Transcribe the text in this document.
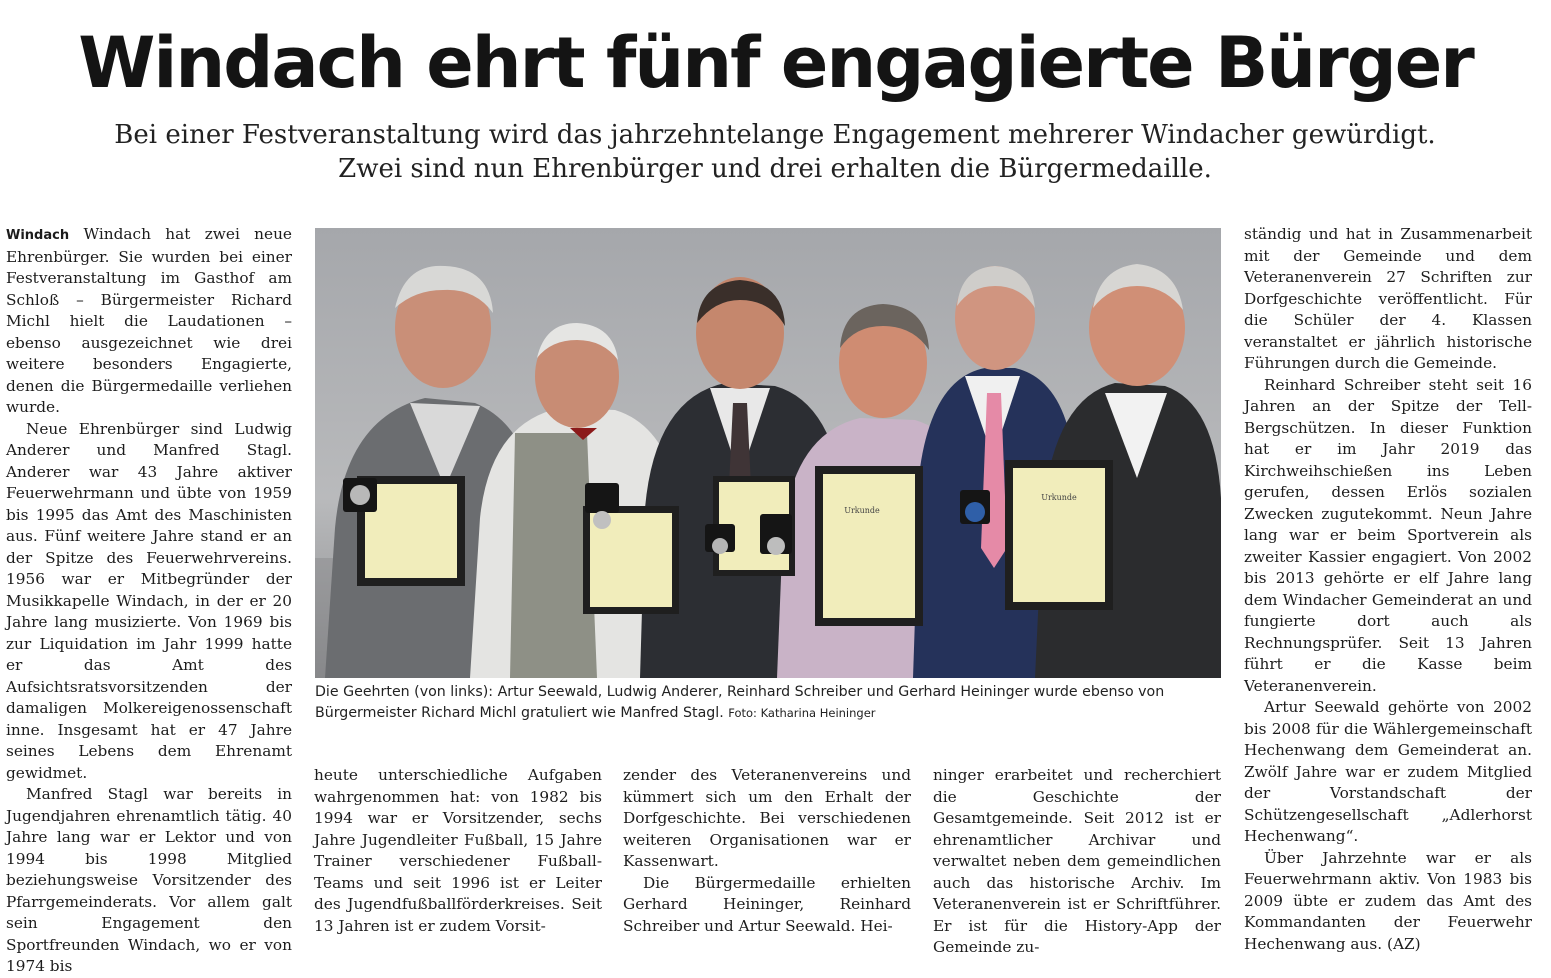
Windach ehrt fünf engagierte Bürger
Bei einer Festveranstaltung wird das jahrzehntelange Engagement mehrerer Windacher gewürdigt.
Zwei sind nun Ehrenbürger und drei erhalten die Bürgermedaille.

Windach Windach hat zwei neue Ehrenbürger. Sie wurden bei einer Festveranstaltung im Gasthof am Schloß – Bürgermeister Richard Michl hielt die Laudationen – ebenso ausgezeichnet wie drei weitere besonders Engagierte, denen die Bürgermedaille verliehen wurde.

Neue Ehrenbürger sind Ludwig Anderer und Manfred Stagl. Anderer war 43 Jahre aktiver Feuerwehrmann und übte von 1959 bis 1995 das Amt des Maschinisten aus. Fünf weitere Jahre stand er an der Spitze des Feuerwehrvereins. 1956 war er Mitbegründer der Musikkapelle Windach, in der er 20 Jahre lang musizierte. Von 1969 bis zur Liquidation im Jahr 1999 hatte er das Amt des Aufsichtsratsvorsitzenden der damaligen Molkereigenossenschaft inne. Insgesamt hat er 47 Jahre seines Lebens dem Ehrenamt gewidmet.

Manfred Stagl war bereits in Jugendjahren ehrenamtlich tätig. 40 Jahre lang war er Lektor und von 1994 bis 1998 Mitglied beziehungsweise Vorsitzender des Pfarrgemeinderats. Vor allem galt sein Engagement den Sportfreunden Windach, wo er von 1974 bis

Urkunde
Urkunde
Die Geehrten (von links): Artur Seewald, Ludwig Anderer, Reinhard Schreiber und Gerhard Heininger wurde ebenso von Bürgermeister Richard Michl gratuliert wie Manfred Stagl. Foto: Katharina Heininger

heute unterschiedliche Aufgaben wahrgenommen hat: von 1982 bis 1994 war er Vorsitzender, sechs Jahre Jugendleiter Fußball, 15 Jahre Trainer verschiedener Fußball-Teams und seit 1996 ist er Leiter des Jugendfußballförderkreises. Seit 13 Jahren ist er zudem Vorsit-

zender des Veteranenvereins und kümmert sich um den Erhalt der Dorfgeschichte. Bei verschiedenen weiteren Organisationen war er Kassenwart.

Die Bürgermedaille erhielten Gerhard Heininger, Reinhard Schreiber und Artur Seewald. Hei-

ninger erarbeitet und recherchiert die Geschichte der Gesamtgemeinde. Seit 2012 ist er ehrenamtlicher Archivar und verwaltet neben dem gemeindlichen auch das historische Archiv. Im Veteranenverein ist er Schriftführer. Er ist für die History-App der Gemeinde zu-

ständig und hat in Zusammenarbeit mit der Gemeinde und dem Veteranenverein 27 Schriften zur Dorfgeschichte veröffentlicht. Für die Schüler der 4. Klassen veranstaltet er jährlich historische Führungen durch die Gemeinde.

Reinhard Schreiber steht seit 16 Jahren an der Spitze der Tell-Bergschützen. In dieser Funktion hat er im Jahr 2019 das Kirchweihschießen ins Leben gerufen, dessen Erlös sozialen Zwecken zugutekommt. Neun Jahre lang war er beim Sportverein als zweiter Kassier engagiert. Von 2002 bis 2013 gehörte er elf Jahre lang dem Windacher Gemeinderat an und fungierte dort auch als Rechnungsprüfer. Seit 13 Jahren führt er die Kasse beim Veteranenverein.

Artur Seewald gehörte von 2002 bis 2008 für die Wählergemeinschaft Hechenwang dem Gemeinderat an. Zwölf Jahre war er zudem Mitglied der Vorstandschaft der Schützengesellschaft „Adlerhorst Hechenwang“.

Über Jahrzehnte war er als Feuerwehrmann aktiv. Von 1983 bis 2009 übte er zudem das Amt des Kommandanten der Feuerwehr Hechenwang aus. (AZ)
